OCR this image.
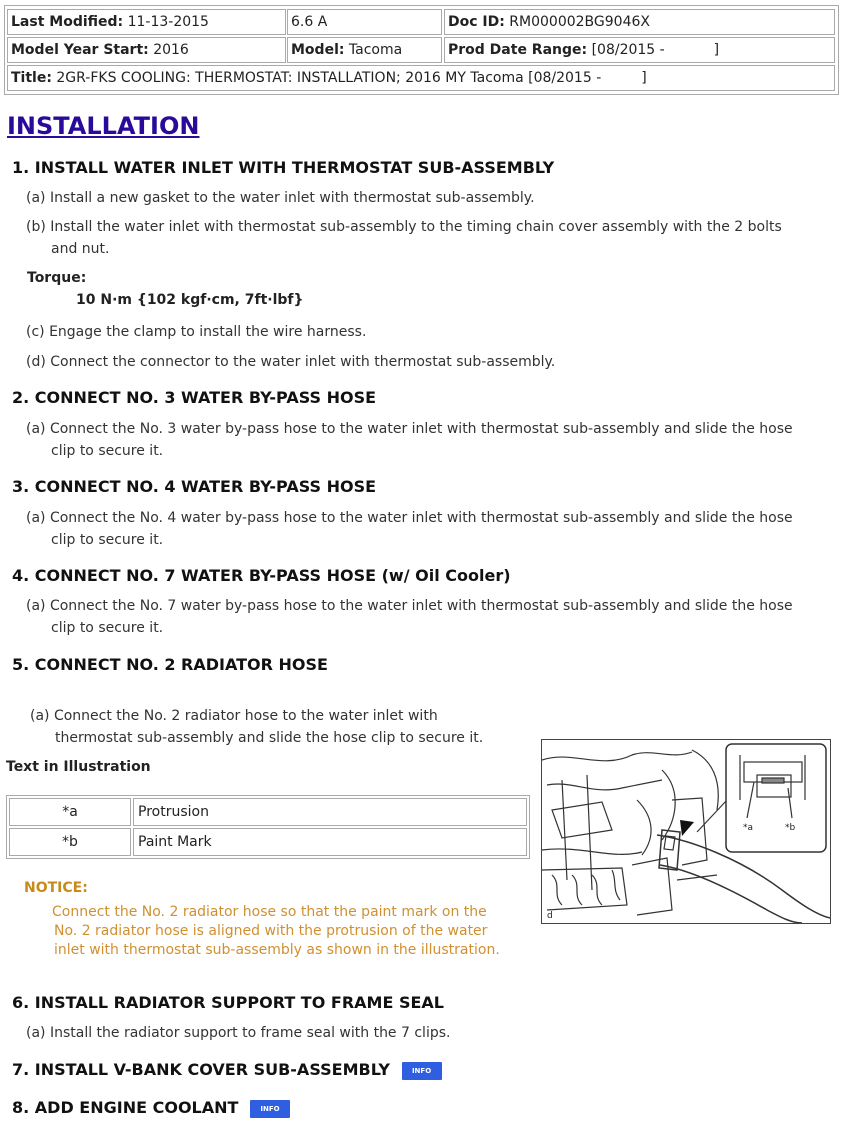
Last Modified: 11-13-2015	6.6 A	Doc ID: RM000002BG9046X
Model Year Start: 2016	Model: Tacoma	Prod Date Range: [08/2015 -           ]
Title: 2GR-FKS COOLING: THERMOSTAT: INSTALLATION; 2016 MY Tacoma [08/2015 -         ]
INSTALLATION
1. INSTALL WATER INLET WITH THERMOSTAT SUB-ASSEMBLY

(a) Install a new gasket to the water inlet with thermostat sub-assembly.

(b) Install the water inlet with thermostat sub-assembly to the timing chain cover assembly with the 2 bolts
and nut.

Torque:

10 N·m {102 kgf·cm, 7ft·lbf}

(c) Engage the clamp to install the wire harness.

(d) Connect the connector to the water inlet with thermostat sub-assembly.

2. CONNECT NO. 3 WATER BY-PASS HOSE

(a) Connect the No. 3 water by-pass hose to the water inlet with thermostat sub-assembly and slide the hose
clip to secure it.

3. CONNECT NO. 4 WATER BY-PASS HOSE

(a) Connect the No. 4 water by-pass hose to the water inlet with thermostat sub-assembly and slide the hose
clip to secure it.

4. CONNECT NO. 7 WATER BY-PASS HOSE (w/ Oil Cooler)

(a) Connect the No. 7 water by-pass hose to the water inlet with thermostat sub-assembly and slide the hose
clip to secure it.

5. CONNECT NO. 2 RADIATOR HOSE

(a) Connect the No. 2 radiator hose to the water inlet with
thermostat sub-assembly and slide the hose clip to secure it.

Text in Illustration

*a	Protrusion
*b	Paint Mark

NOTICE:

Connect the No. 2 radiator hose so that the paint mark on the
No. 2 radiator hose is aligned with the protrusion of the water
inlet with thermostat sub-assembly as shown in the illustration.

*a	*b
d
6. INSTALL RADIATOR SUPPORT TO FRAME SEAL

(a) Install the radiator support to frame seal with the 7 clips.

7. INSTALL V-BANK COVER SUB-ASSEMBLY	INFO
8. ADD ENGINE COOLANT	INFO
